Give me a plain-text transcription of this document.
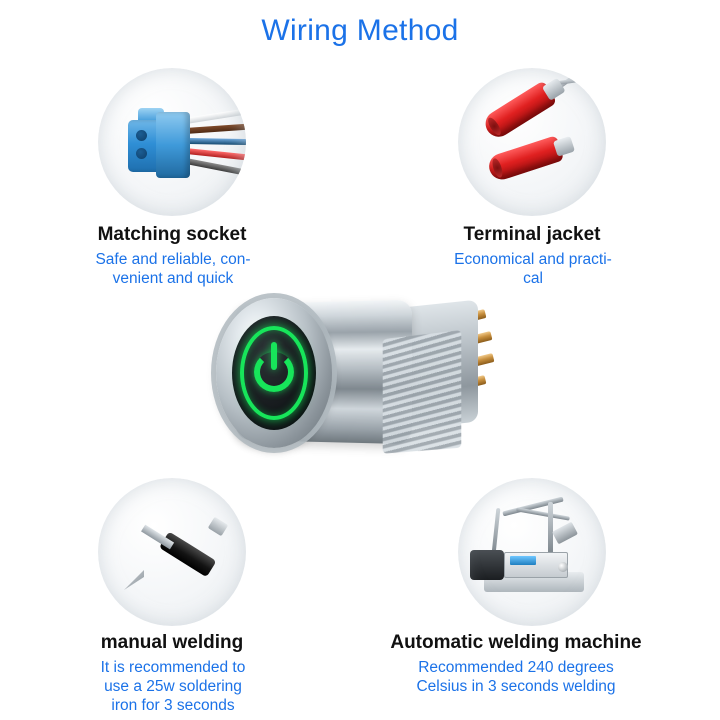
Wiring Method
Matching socket
Safe and reliable, con-
venient and quick
Terminal jacket
Economical and practi-
cal
manual welding
It is recommended to
use a 25w soldering
iron for 3 seconds
Automatic welding machine
Recommended 240 degrees
Celsius in 3 seconds welding
